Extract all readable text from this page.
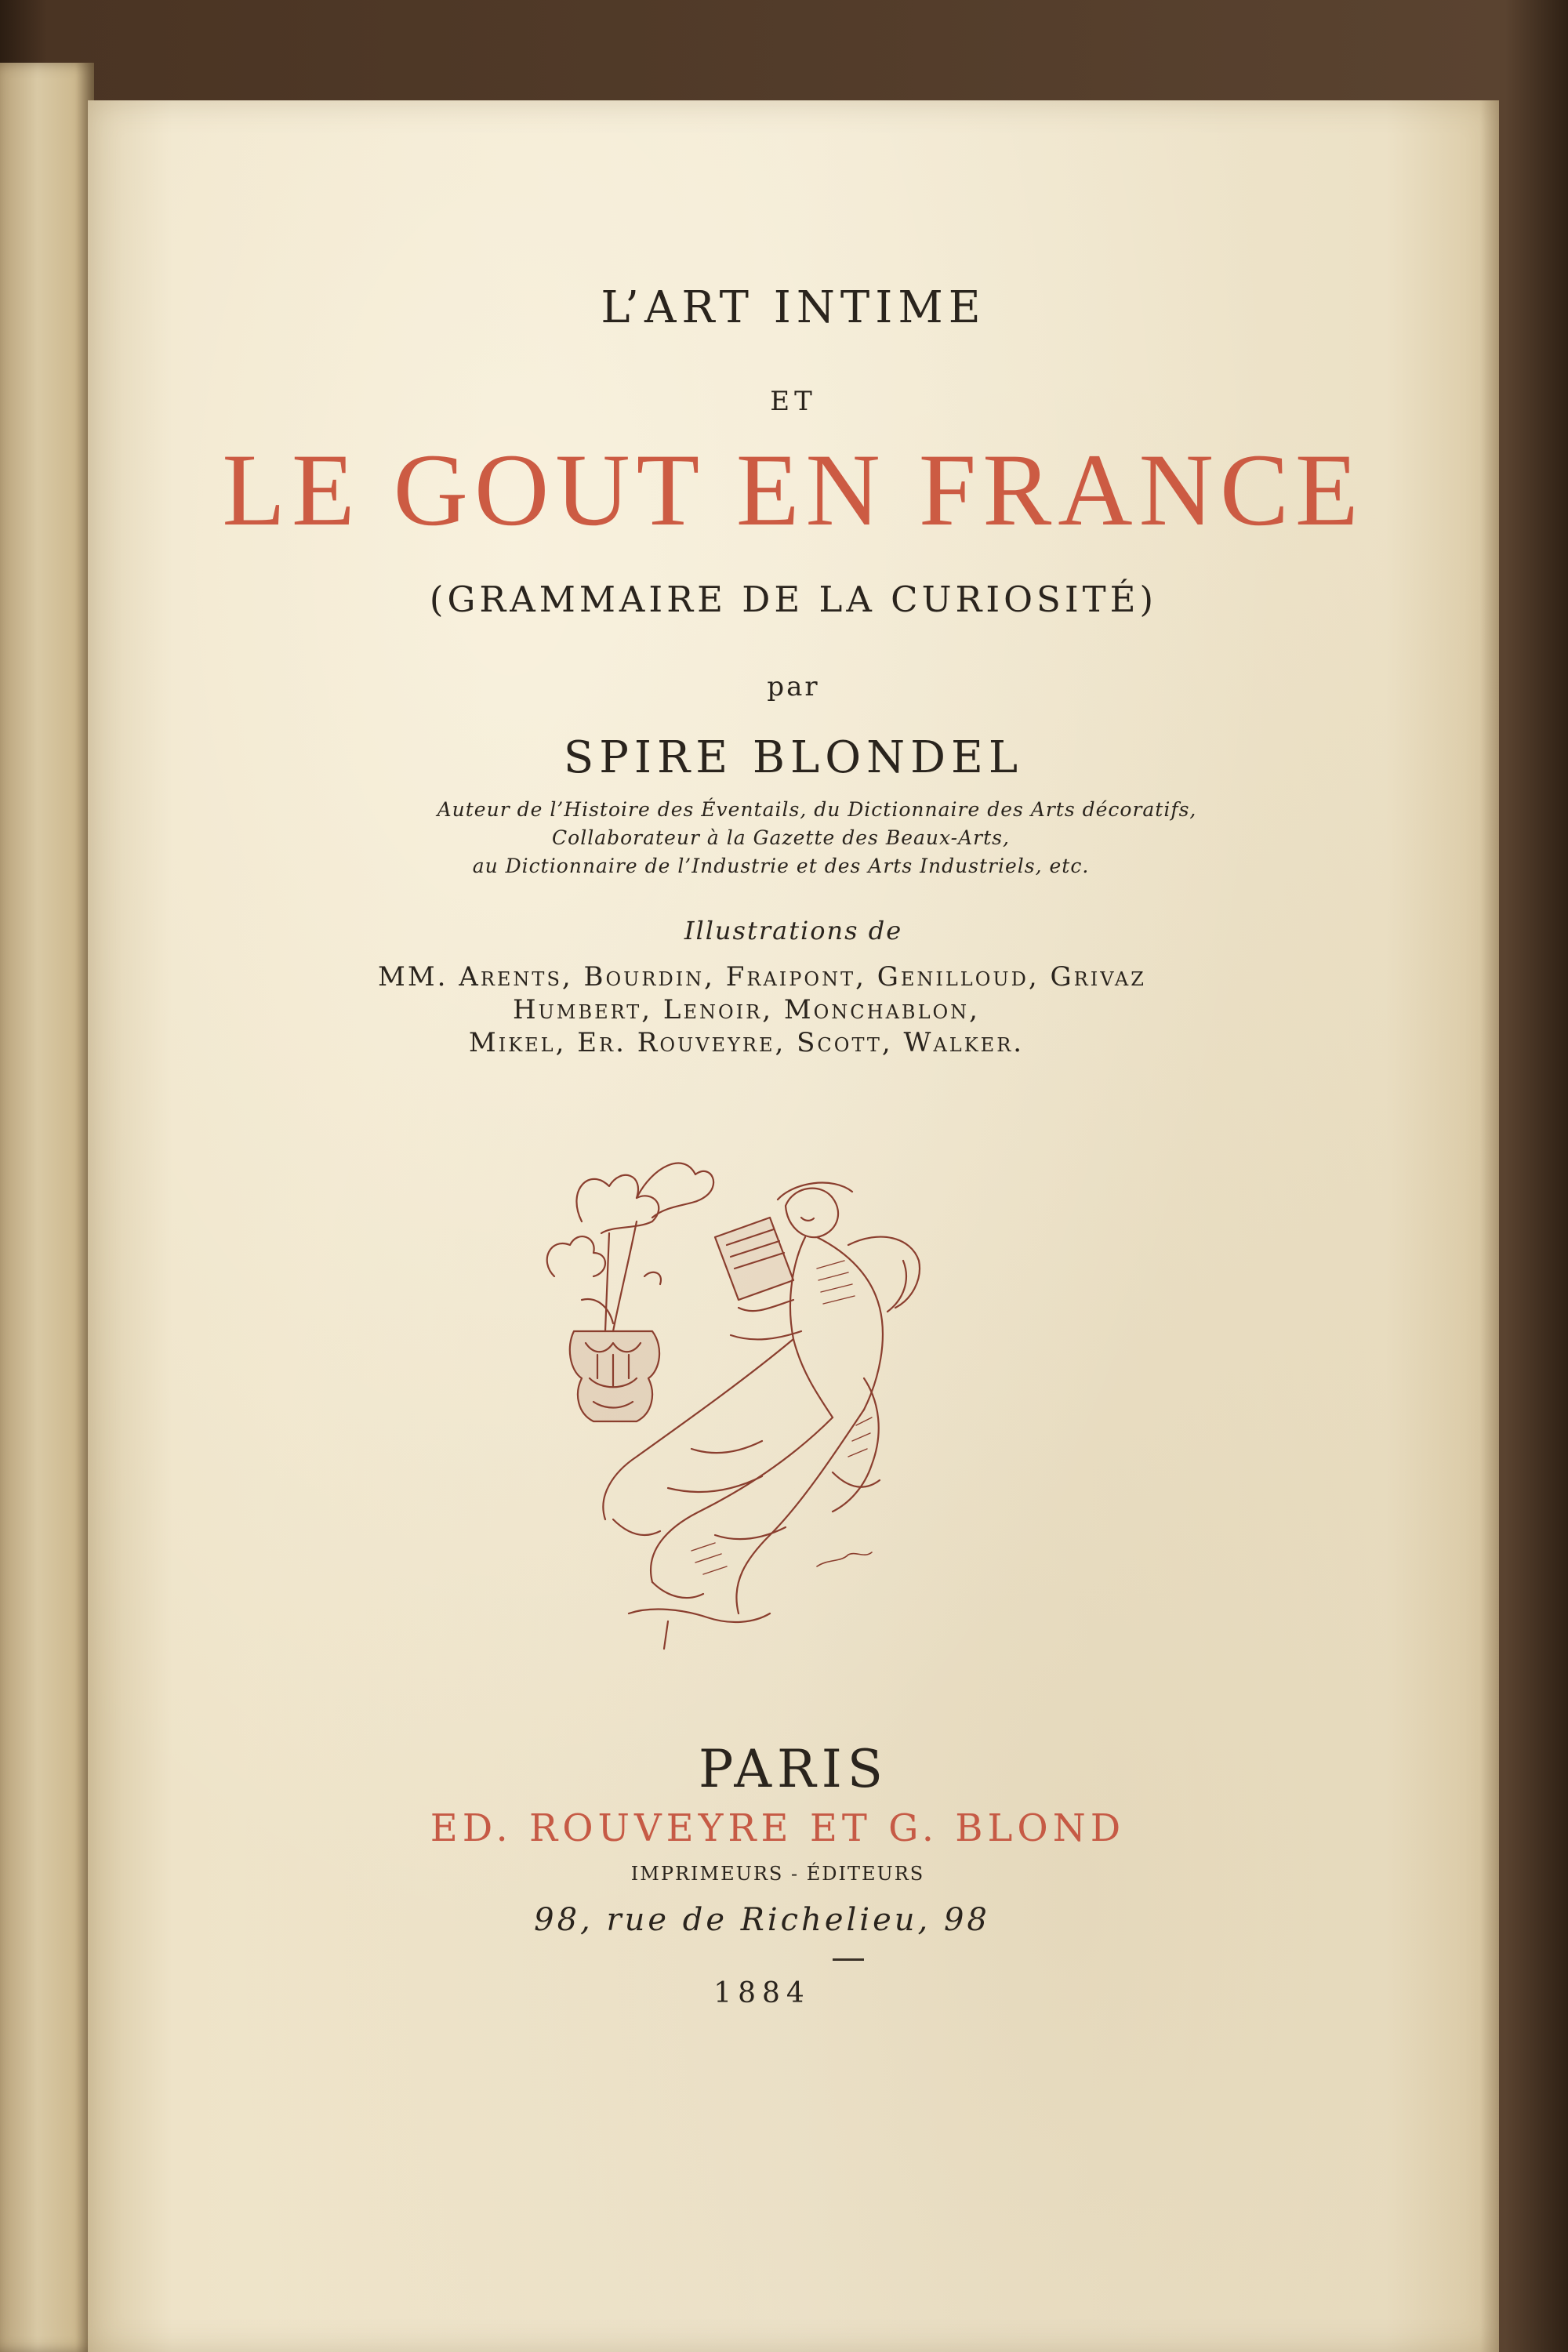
L’ART INTIME
ET
LE GOUT EN FRANCE
(GRAMMAIRE DE LA CURIOSITÉ)
par
SPIRE BLONDEL
Auteur de l’Histoire des Éventails, du Dictionnaire des Arts décoratifs,
Collaborateur à la Gazette des Beaux-Arts,
au Dictionnaire de l’Industrie et des Arts Industriels, etc.
Illustrations de
MM. Arents, Bourdin, Fraipont, Genilloud, Grivaz
Humbert, Lenoir, Monchablon,
Mikel, Er. Rouveyre, Scott, Walker.
PARIS
ED. ROUVEYRE ET G. BLOND
IMPRIMEURS - ÉDITEURS
98, rue de Richelieu, 98
1884
